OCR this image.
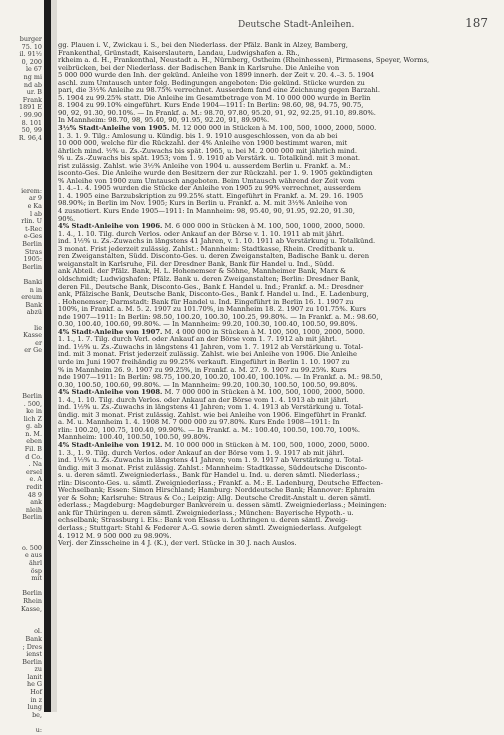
burger
75. 10
il. 91½
0, 200
le 67
ng mi
nd ab
ur. B
Frank
1891 E
. 99.90
8. 101
50, 99
R. 96,4

ierem:
ar 9
e Ka
l ab
rlin. U
t-Rec
e-Ges
Berlin
Stras
1905:
Berlin

Banki
n in
ereum
Bank
abzü

lie
Kasse
er
er Ge

Berlin
. 500,
ke in
lich Z
g. ab
n. M.
eben
Fil. B
d Co.
. Na
ersel
e. A
redit
48 9
ank
nleih
Berlin

o. 500
e aus
ährl
ösp
mit

Berlin
Rhein
Kasse,

ol.
Bank
; Dres
ienst
Berlin
zu
lanit
he G
Hof
in z
lung
be,

u:
Deutsche Stadt-Anleihen.	187
gg. Plauen i. V., Zwickau i. S., bei den Niederlass. der Pfälz. Bank in Alzey, Bamberg,
Frankenthal, Grünstadt, Kaiserslautern, Landau, Ludwigshafen a. Rh.,
rkheim a. d. H., Frankenthal, Neustadt a. H., Nürnberg, Ostheim (Rheinhessen), Pirmasens, Speyer, Worms,
veibrücken, bei der Niederlass. der Badischen Bank in Karlsruhe. Die Anleihe von
5 000 000 wurde den Inh. der gekünd. Anleihe von 1899 innerh. der Zeit v. 20. 4.–3. 5. 1904
aschl. zum Umtausch unter folg. Bedingungen angeboten: Die gekünd. Stücke wurden zu
pari, die 3½% Anleihe zu 98.75% verrechnet. Ausserdem fand eine Zeichnung gegen Barzahl.
5. 1904 zu 99.25% statt. Die Anleihe im Gesamtbetrage von M. 10 000 000 wurde in Berlin
8. 1904 zu 99.10% eingeführt. Kurs Ende 1904—1911: In Berlin: 98.60, 98, 94.75, 90.75,
90, 92, 91.30, 90.10%. — In Frankf. a. M.: 98.70, 97.80, 95.20, 91, 92, 92.25, 91.10, 89.80%.
In Mannheim: 98.70, 98, 95.40, 90, 91.95, 92.20, 91, 89.90%.
3½% Stadt-Anleihe von 1905. M. 12 000 000 in Stücken à M. 100, 500, 1000, 2000, 5000.
1. 3. 1. 9. Tilg.: Amlosung u. Kündig. bis 1. 9. 1910 ausgeschlossen, von da ab bei
10 000 000, welche für die Rückzahl. der 4% Anleihe von 1900 bestimmt waren, mit
ährlich mind. ½% u. Zs.-Zuwachs bis spät. 1965, u. bei M. 2 000 000 mit jährlich mind.
% u. Zs.-Zuwachs bis spät. 1953; vom 1. 9. 1910 ab Verstärk. u. Totalkünd. mit 3 monat.
rist zulässig. Zahlst. wie 3½% Anleihe von 1904 u. ausserdem Berlin u. Frankf. a. M.:
isconto-Ges. Die Anleihe wurde den Besitzern der zur Rückzahl. per 1. 9. 1905 gekündigten
% Anleihe von 1900 zum Umtausch angeboten. Beim Umtausch während der Zeit vom
1. 4.–1. 4. 1905 wurden die Stücke der Anleihe von 1905 zu 99% verrechnet, ausserdem
1. 4. 1905 eine Barzubskription zu 99.25% statt. Eingeführt in Frankf. a. M. 29. 16. 1905
98.90%; in Berlin im Nov. 1905; Kurs in Berlin u. Frankf. a. M. mit 3½% Anleihe von
4 zusnotiert. Kurs Ende 1905—1911: In Mannheim: 98, 95.40, 90, 91.95, 92.20, 91.30,
90%.
4% Stadt-Anleihe von 1906. M. 6 000 000 in Stücken à M. 100, 500, 1000, 2000, 5000.
1. 4., 1. 10. Tilg. durch Verlos. oder Ankauf an der Börse v. 1. 10. 1911 ab mit jährl.
ind. 1½% u. Zs.-Zuwachs in längstens 41 Jahren, v. 1. 10. 1911 ab Verstärkung u. Totalkünd.
3 monat. Frist jederzeit zulässig. Zahlst.: Mannheim: Stadtkasse, Rhein. Creditbank u.
ren Zweiganstalten, Südd. Disconto-Ges. u. deren Zweiganstalten, Badische Bank u. deren
weiganstalt in Karlsruhe, Fil. der Dresdner Bank, Bank für Handel u. Ind., Südd.
ank Abteil. der Pfälz. Bank, H. L. Hohenemser & Söhne, Mannheimer Bank, Marx &
oldschmidt; Ludwigshafen: Pfälz. Bank u. deren Zweiganstalten; Berlin: Dresdner Bank,
deren Fil., Deutsche Bank, Disconto-Ges., Bank f. Handel u. Ind.; Frankf. a. M.: Dresdner
ank, Pfälzische Bank, Deutsche Bank, Disconto-Ges., Bank f. Handel u. Ind., E. Ladenburg,
. Hohenemser; Darmstadt: Bank für Handel u. Ind. Eingeführt in Berlin 16. 1. 1907 zu
100%, in Frankf. a. M. 5. 2. 1907 zu 101.70%, in Mannheim 18. 2. 1907 zu 101.75%. Kurs
nde 1907—1911: In Berlin: 98.50, 100.20, 100.30, 100.25, 99.80%. — In Frankf. a. M.: 98.60,
0.30, 100.40, 100.60, 99.80%. — In Mannheim: 99.20, 100.30, 100.40, 100.50, 99.80%.
4% Stadt-Anleihe von 1907. M. 4 000 000 in Stücken à M. 100, 500, 1000, 2000, 5000.
1. 1., 1. 7. Tilg. durch Verl. oder Ankauf an der Börse vom 1. 7. 1912 ab mit jährl.
ind. 1½% u. Zs.-Zuwachs in längstens 41 Jahren, vom 1. 7. 1912 ab Verstärkung u. Total-
ind. mit 3 monat. Frist jederzeit zulässig. Zahlst. wie bei Anleihe von 1906. Die Anleihe
urde im Juni 1907 freihändig zu 99.25% verkauft. Eingeführt in Berlin 1. 10. 1907 zu
% in Mannheim 26. 9. 1907 zu 99.25%, in Frankf. a. M. 27. 9. 1907 zu 99.25%. Kurs
nde 1907—1911: In Berlin: 98.75, 100.20, 100.20, 100.40, 100.10%. — In Frankf. a. M.: 98.50,
0.30, 100.50, 100.60, 99.80%. — In Mannheim: 99.20, 100.30, 100.50, 100.50, 99.80%.
4% Stadt-Anleihe von 1908. M. 7 000 000 in Stücken à M. 100, 500, 1000, 2000, 5000.
1. 4., 1. 10. Tilg. durch Verlos. oder Ankauf an der Börse vom 1. 4. 1913 ab mit jährl.
ind. 1½% u. Zs.-Zuwachs in längstens 41 Jahren; vom 1. 4. 1913 ab Verstärkung u. Total-
ündig. mit 3 monat. Frist zulässig. Zahlst. wie bei Anleihe von 1906. Eingeführt in Frankf.
a. M. u. Mannheim 1. 4. 1908 M. 7 000 000 zu 97.80%. Kurs Ende 1908—1911: In
rlin: 100.20, 100.75, 100.40, 99.90%. — In Frankf. a. M.: 100.40, 100.50, 100.70, 100%.
Mannheim: 100.40, 100.50, 100.50, 99.80%.
4% Stadt-Anleihe von 1912. M. 10 000 000 in Stücken à M. 100, 500, 1000, 2000, 5000.
1. 3., 1. 9. Tilg. durch Verlos. oder Ankauf an der Börse vom 1. 9. 1917 ab mit jährl.
ind. 1½% u. Zs.-Zuwachs in längstens 41 Jahren; vom 1. 9. 1917 ab Verstärkung u. Total-
ündig. mit 3 monat. Frist zulässig. Zahlst.: Mannheim: Stadtkasse, Süddeutsche Disconto-
s. u. deren sämtl. Zweigniederlass., Bank für Handel u. Ind. u. deren sämtl. Niederlass.;
rlin: Disconto-Ges. u. sämtl. Zweigniederlass.; Frankf. a. M.: E. Ladenburg, Deutsche Effecten-
Wechselbank; Essen: Simon Hirschland; Hamburg: Norddeutsche Bank; Hannover: Ephraim
yer & Sohn; Karlsruhe: Straus & Co.; Leipzig: Allg. Deutsche Credit-Anstalt u. deren sämtl.
ederlass.; Magdeburg: Magdeburger Bankverein u. dessen sämtl. Zweigniederlass.; Meiningen:
ank für Thüringen u. deren sämtl. Zweigniederlass.; München: Bayerische Hypoth.- u.
echselbank; Strassburg i. Els.: Bank von Elsass u. Lothringen u. deren sämtl. Zweig-
derlass.; Stuttgart: Stahl & Federer A.-G. sowie deren sämtl. Zweigniederlass. Aufgelegt
4. 1912 M. 9 500 000 zu 98.90%.
Verj. der Zinsscheine in 4 J. (K.), der verl. Stücke in 30 J. nach Auslos.
